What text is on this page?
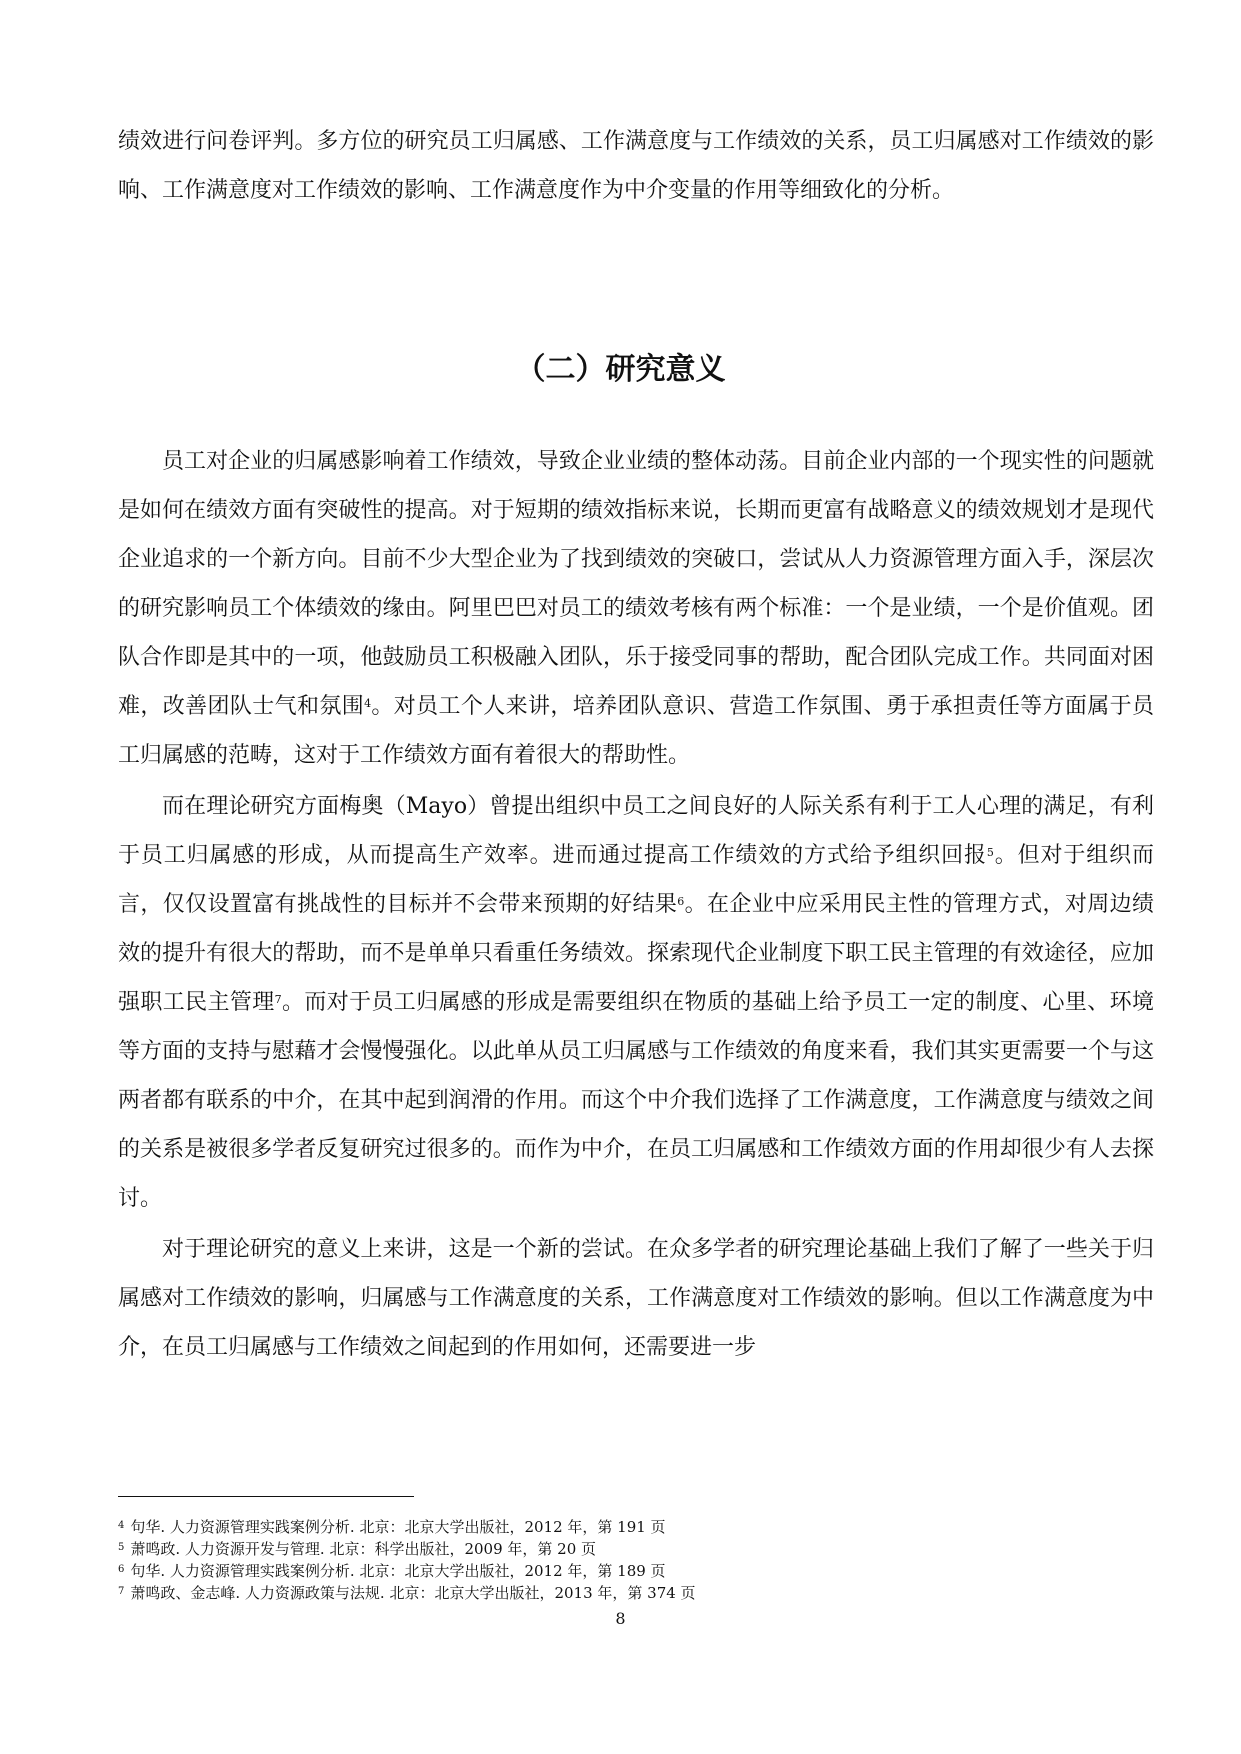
绩效进行问卷评判。多方位的研究员工归属感、工作满意度与工作绩效的关系，员工归属感对工作绩效的影响、工作满意度对工作绩效的影响、工作满意度作为中介变量的作用等细致化的分析。
（二）研究意义

员工对企业的归属感影响着工作绩效，导致企业业绩的整体动荡。目前企业内部的一个现实性的问题就是如何在绩效方面有突破性的提高。对于短期的绩效指标来说，长期而更富有战略意义的绩效规划才是现代企业追求的一个新方向。目前不少大型企业为了找到绩效的突破口，尝试从人力资源管理方面入手，深层次的研究影响员工个体绩效的缘由。阿里巴巴对员工的绩效考核有两个标准：一个是业绩，一个是价值观。团队合作即是其中的一项，他鼓励员工积极融入团队，乐于接受同事的帮助，配合团队完成工作。共同面对困难，改善团队士气和氛围$^4$。对员工个人来讲，培养团队意识、营造工作氛围、勇于承担责任等方面属于员工归属感的范畴，这对于工作绩效方面有着很大的帮助性。

而在理论研究方面梅奥（Mayo）曾提出组织中员工之间良好的人际关系有利于工人心理的满足，有利于员工归属感的形成，从而提高生产效率。进而通过提高工作绩效的方式给予组织回报$^5$。但对于组织而言，仅仅设置富有挑战性的目标并不会带来预期的好结果$^6$。在企业中应采用民主性的管理方式，对周边绩效的提升有很大的帮助，而不是单单只看重任务绩效。探索现代企业制度下职工民主管理的有效途径，应加强职工民主管理$^7$。而对于员工归属感的形成是需要组织在物质的基础上给予员工一定的制度、心里、环境等方面的支持与慰藉才会慢慢强化。以此单从员工归属感与工作绩效的角度来看，我们其实更需要一个与这两者都有联系的中介，在其中起到润滑的作用。而这个中介我们选择了工作满意度，工作满意度与绩效之间的关系是被很多学者反复研究过很多的。而作为中介，在员工归属感和工作绩效方面的作用却很少有人去探讨。

对于理论研究的意义上来讲，这是一个新的尝试。在众多学者的研究理论基础上我们了解了一些关于归属感对工作绩效的影响，归属感与工作满意度的关系，工作满意度对工作绩效的影响。但以工作满意度为中介，在员工归属感与工作绩效之间起到的作用如何，还需要进一步

$^4$ 句华. 人力资源管理实践案例分析. 北京：北京大学出版社，2012 年，第 191 页
$^5$ 萧鸣政. 人力资源开发与管理. 北京：科学出版社，2009 年，第 20 页
$^6$ 句华. 人力资源管理实践案例分析. 北京：北京大学出版社，2012 年，第 189 页
$^7$ 萧鸣政、金志峰. 人力资源政策与法规. 北京：北京大学出版社，2013 年，第 374 页
8
